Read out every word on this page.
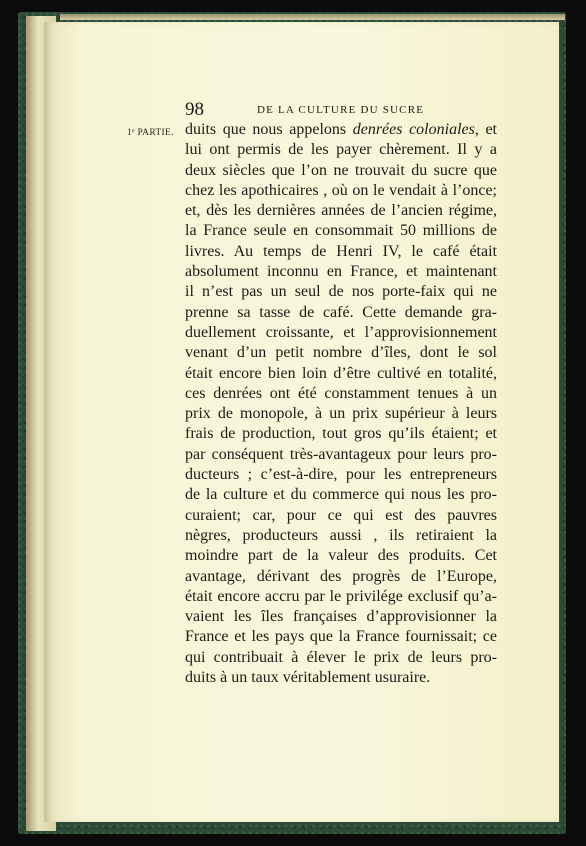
98	DE LA CULTURE DU SUCRE
1ᵉ PARTIE. duits que nous appelons denrées coloniales, et
lui ont permis de les payer chèrement. Il y a
deux siècles que l’on ne trouvait du sucre que
chez les apothicaires , où on le vendait à l’once;
et, dès les dernières années de l’ancien régime,
la France seule en consommait 50 millions de
livres. Au temps de Henri IV, le café était
absolument inconnu en France, et maintenant
il n’est pas un seul de nos porte-faix qui ne
prenne sa tasse de café. Cette demande gra-
duellement croissante, et l’approvisionnement
venant d’un petit nombre d’îles, dont le sol
était encore bien loin d’être cultivé en totalité,
ces denrées ont été constamment tenues à un
prix de monopole, à un prix supérieur à leurs
frais de production, tout gros qu’ils étaient; et
par conséquent très-avantageux pour leurs pro-
ducteurs ; c’est-à-dire, pour les entrepreneurs
de la culture et du commerce qui nous les pro-
curaient; car, pour ce qui est des pauvres
nègres, producteurs aussi , ils retiraient la
moindre part de la valeur des produits. Cet
avantage, dérivant des progrès de l’Europe,
était encore accru par le privilége exclusif qu’a-
vaient les îles françaises d’approvisionner la
France et les pays que la France fournissait; ce
qui contribuait à élever le prix de leurs pro-
duits à un taux véritablement usuraire.
